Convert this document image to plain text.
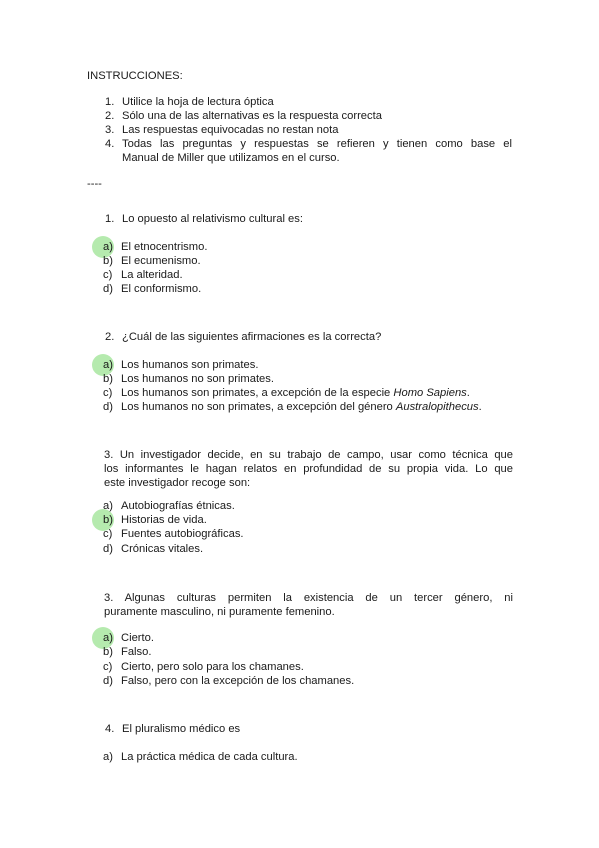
INSTRUCCIONES:
1. Utilice la hoja de lectura óptica
2. Sólo una de las alternativas es la respuesta correcta
3. Las respuestas equivocadas no restan nota
4. Todas las preguntas y respuestas se refieren y tienen como base el
Manual de Miller que utilizamos en el curso.
----
1. Lo opuesto al relativismo cultural es:
a) El etnocentrismo.
b) El ecumenismo.
c) La alteridad.
d) El conformismo.
2. ¿Cuál de las siguientes afirmaciones es la correcta?
a) Los humanos son primates.
b) Los humanos no son primates.
c) Los humanos son primates, a excepción de la especie Homo Sapiens.
d) Los humanos no son primates, a excepción del género Australopithecus.
3. Un investigador decide, en su trabajo de campo, usar como técnica que
los informantes le hagan relatos en profundidad de su propia vida. Lo que
este investigador recoge son:
a) Autobiografías étnicas.
b) Historias de vida.
c) Fuentes autobiográficas.
d) Crónicas vitales.
3. Algunas culturas permiten la existencia de un tercer género, ni
puramente masculino, ni puramente femenino.
a) Cierto.
b) Falso.
c) Cierto, pero solo para los chamanes.
d) Falso, pero con la excepción de los chamanes.
4. El pluralismo médico es
a) La práctica médica de cada cultura.
